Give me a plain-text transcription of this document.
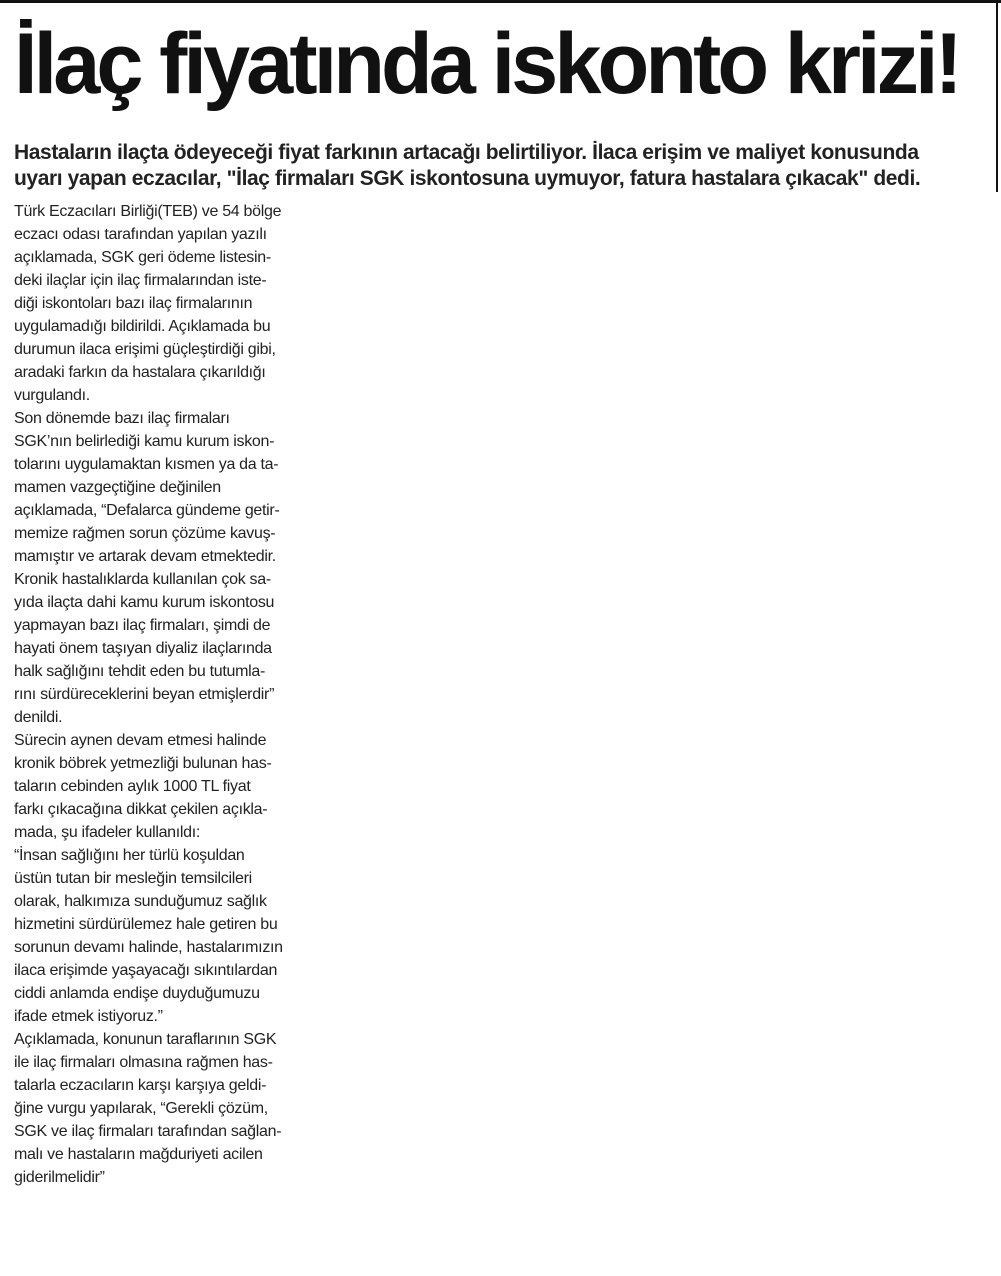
İlaç fiyatında iskonto krizi!
Hastaların ilaçta ödeyeceği fiyat farkının artacağı belirtiliyor. İlaca erişim ve maliyet konusunda
uyarı yapan eczacılar, "İlaç firmaları SGK iskontosuna uymuyor, fatura hastalara çıkacak" dedi.
Türk Eczacıları Birliği(TEB) ve 54 bölge
eczacı odası tarafından yapılan yazılı
açıklamada, SGK geri ödeme listesin-
deki ilaçlar için ilaç firmalarından iste-
diği iskontoları bazı ilaç firmalarının
uygulamadığı bildirildi. Açıklamada bu
durumun ilaca erişimi güçleştirdiği gibi,
aradaki farkın da hastalara çıkarıldığı
vurgulandı.
Son dönemde bazı ilaç firmaları
SGK’nın belirlediği kamu kurum iskon-
tolarını uygulamaktan kısmen ya da ta-
mamen vazgeçtiğine değinilen
açıklamada, “Defalarca gündeme getir-
memize rağmen sorun çözüme kavuş-
mamıştır ve artarak devam etmektedir.
Kronik hastalıklarda kullanılan çok sa-
yıda ilaçta dahi kamu kurum iskontosu
yapmayan bazı ilaç firmaları, şimdi de
hayati önem taşıyan diyaliz ilaçlarında
halk sağlığını tehdit eden bu tutumla-
rını sürdüreceklerini beyan etmişlerdir”
denildi.
Sürecin aynen devam etmesi halinde
kronik böbrek yetmezliği bulunan has-
taların cebinden aylık 1000 TL fiyat
farkı çıkacağına dikkat çekilen açıkla-
mada, şu ifadeler kullanıldı:
“İnsan sağlığını her türlü koşuldan
üstün tutan bir mesleğin temsilcileri
olarak, halkımıza sunduğumuz sağlık
hizmetini sürdürülemez hale getiren bu
sorunun devamı halinde, hastalarımızın
ilaca erişimde yaşayacağı sıkıntılardan
ciddi anlamda endişe duyduğumuzu
ifade etmek istiyoruz.”
Açıklamada, konunun taraflarının SGK
ile ilaç firmaları olmasına rağmen has-
talarla eczacıların karşı karşıya geldi-
ğine vurgu yapılarak, “Gerekli çözüm,
SGK ve ilaç firmaları tarafından sağlan-
malı ve hastaların mağduriyeti acilen
giderilmelidir”
